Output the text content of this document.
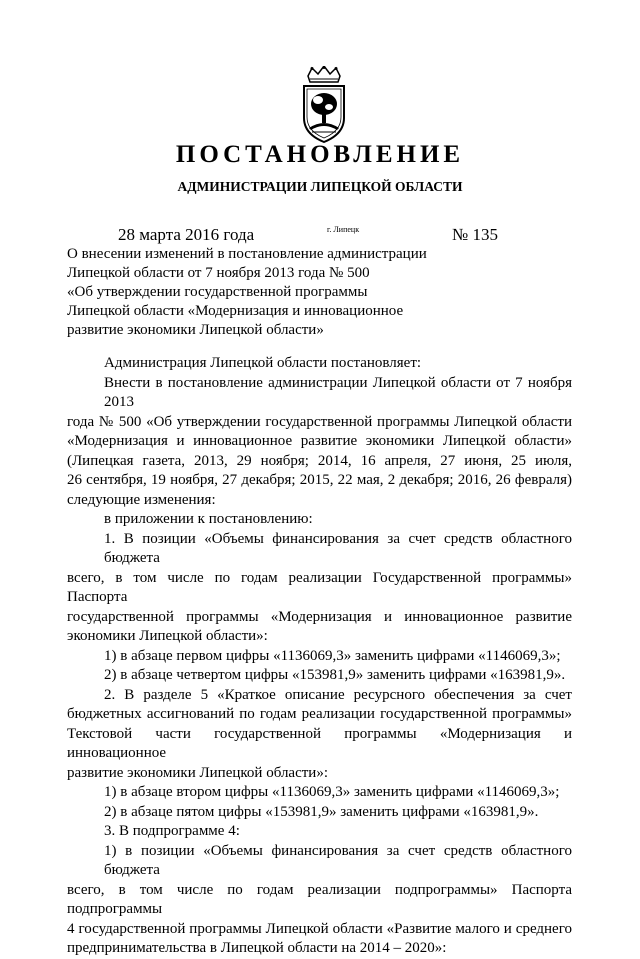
ПОСТАНОВЛЕНИЕ
АДМИНИСТРАЦИИ ЛИПЕЦКОЙ ОБЛАСТИ
28 марта 2016 года	г. Липецк	№ 135
О внесении изменений в постановление администрации
Липецкой области от 7 ноября 2013 года № 500
«Об утверждении государственной программы
Липецкой области «Модернизация и инновационное
развитие экономики Липецкой области»
Администрация Липецкой области постановляет:
Внести в постановление администрации Липецкой области от 7 ноября 2013
года № 500 «Об утверждении государственной программы Липецкой области
«Модернизация и инновационное развитие экономики Липецкой области»
(Липецкая газета, 2013, 29 ноября; 2014, 16 апреля, 27 июня, 25 июля,
26 сентября, 19 ноября, 27 декабря; 2015, 22 мая, 2 декабря; 2016, 26 февраля)
следующие изменения:
в приложении к постановлению:
1. В позиции «Объемы финансирования за счет средств областного бюджета
всего, в том числе по годам реализации Государственной программы» Паспорта
государственной программы «Модернизация и инновационное развитие
экономики Липецкой области»:
1) в абзаце первом цифры «1136069,3» заменить цифрами «1146069,3»;
2) в абзаце четвертом цифры «153981,9» заменить цифрами «163981,9».
2. В разделе 5 «Краткое описание ресурсного обеспечения за счет
бюджетных ассигнований по годам реализации государственной программы»
Текстовой части государственной программы «Модернизация и инновационное
развитие экономики Липецкой области»:
1) в абзаце втором цифры «1136069,3» заменить цифрами «1146069,3»;
2) в абзаце пятом цифры «153981,9» заменить цифрами «163981,9».
3. В подпрограмме 4:
1) в позиции «Объемы финансирования за счет средств областного бюджета
всего, в том числе по годам реализации подпрограммы» Паспорта подпрограммы
4 государственной программы Липецкой области «Развитие малого и среднего
предпринимательства в Липецкой области на 2014 – 2020»:
